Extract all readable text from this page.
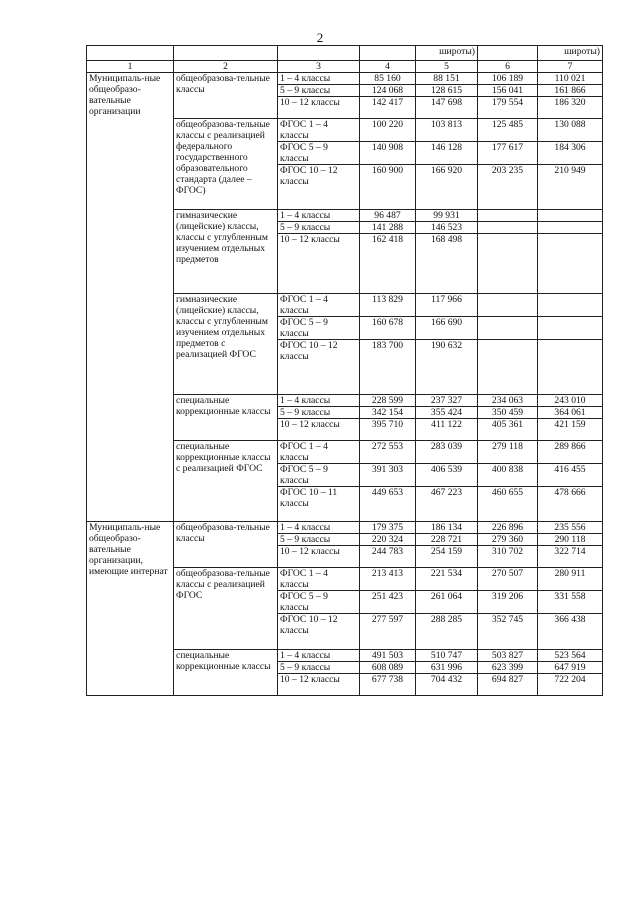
2
				широты)		широты)
1	2	3	4	5	6	7
Муниципаль-ные общеобразо-вательные организации	общеобразова-тельные классы	1 – 4 классы	85 160	88 151	106 189	110 021
		5 – 9 классы	124 068	128 615	156 041	161 866
		10 – 12 классы	142 417	147 698	179 554	186 320
	общеобразова-тельные классы с реализацией федерального государственного образовательного стандарта (далее – ФГОС)	ФГОС 1 – 4 классы	100 220	103 813	125 485	130 088
		ФГОС 5 – 9 классы	140 908	146 128	177 617	184 306
		ФГОС 10 – 12 классы	160 900	166 920	203 235	210 949
	гимназические (лицейские) классы, классы с углубленным изучением отдельных предметов	1 – 4 классы	96 487	99 931		
		5 – 9 классы	141 288	146 523		
		10 – 12 классы	162 418	168 498		
	гимназические (лицейские) классы, классы с углубленным изучением отдельных предметов с реализацией ФГОС	ФГОС 1 – 4 классы	113 829	117 966		
		ФГОС 5 – 9 классы	160 678	166 690		
		ФГОС 10 – 12 классы	183 700	190 632		
	специальные коррекционные классы	1 – 4 классы	228 599	237 327	234 063	243 010
		5 – 9 классы	342 154	355 424	350 459	364 061
		10 – 12 классы	395 710	411 122	405 361	421 159
	специальные коррекционные классы с реализацией ФГОС	ФГОС 1 – 4 классы	272 553	283 039	279 118	289 866
		ФГОС 5 – 9 классы	391 303	406 539	400 838	416 455
		ФГОС 10 – 11 классы	449 653	467 223	460 655	478 666
Муниципаль-ные общеобразо-вательные организации, имеющие интернат	общеобразова-тельные классы	1 – 4 классы	179 375	186 134	226 896	235 556
		5 – 9 классы	220 324	228 721	279 360	290 118
		10 – 12 классы	244 783	254 159	310 702	322 714
	общеобразова-тельные классы с реализацией ФГОС	ФГОС 1 – 4 классы	213 413	221 534	270 507	280 911
		ФГОС 5 – 9 классы	251 423	261 064	319 206	331 558
		ФГОС 10 – 12 классы	277 597	288 285	352 745	366 438
	специальные коррекционные классы	1 – 4 классы	491 503	510 747	503 827	523 564
		5 – 9 классы	608 089	631 996	623 399	647 919
		10 – 12 классы	677 738	704 432	694 827	722 204
